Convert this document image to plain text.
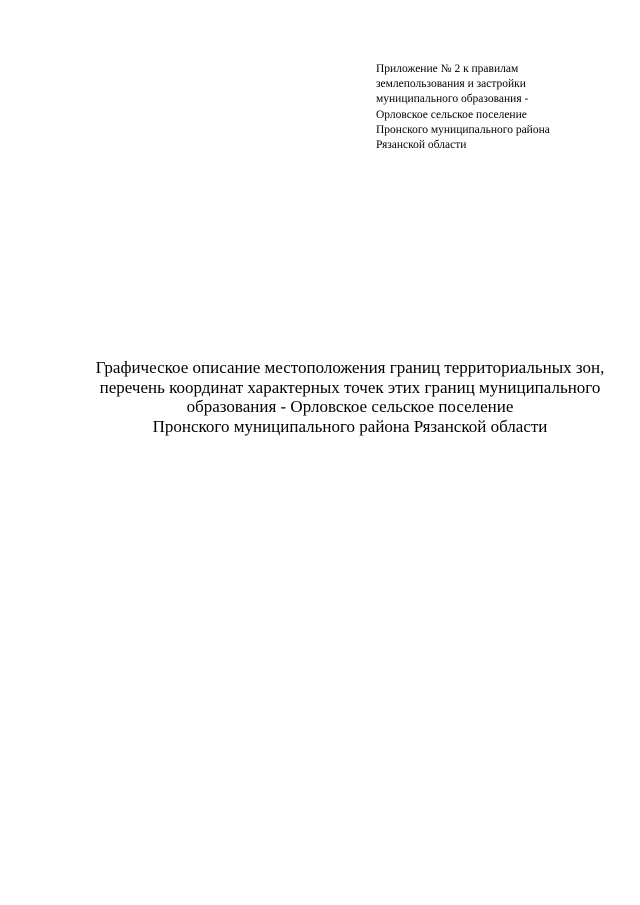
Приложение № 2 к правилам
землепользования и застройки
муниципального образования -
Орловское сельское поселение
Пронского муниципального района
Рязанской области
Графическое описание местоположения границ территориальных зон,
перечень координат характерных точек этих границ муниципального
образования - Орловское сельское поселение
Пронского муниципального района Рязанской области
